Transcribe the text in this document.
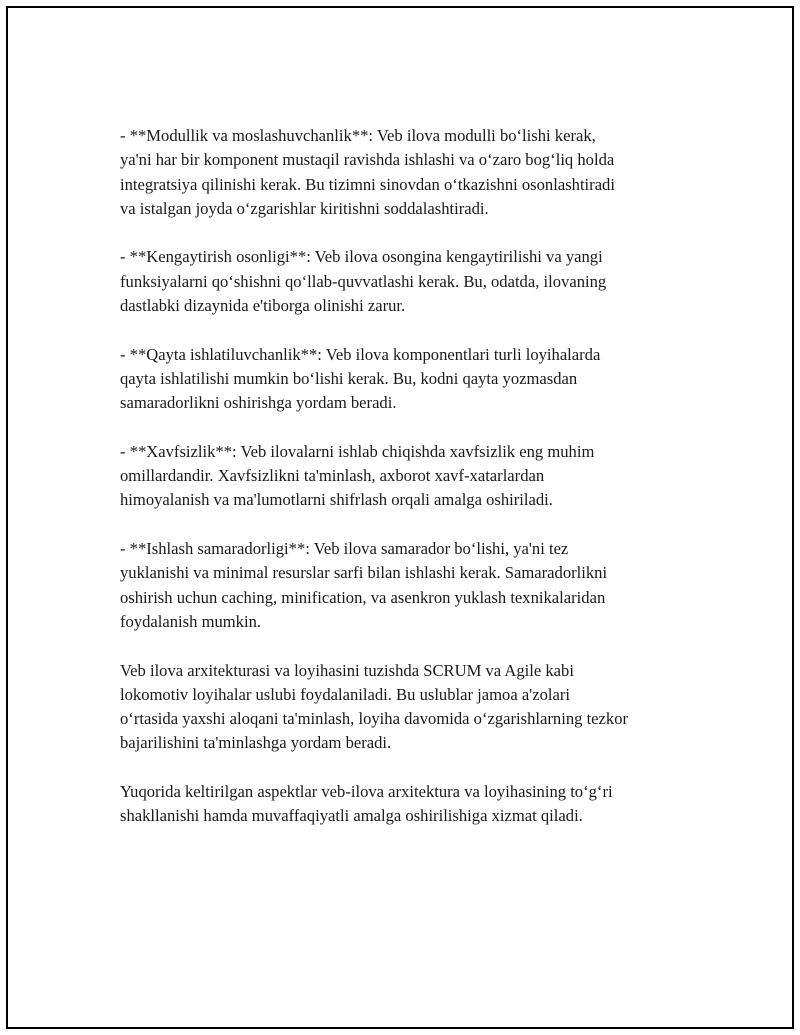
- **Modullik va moslashuvchanlik**: Veb ilova modulli boʻlishi kerak,
ya'ni har bir komponent mustaqil ravishda ishlashi va oʻzaro bogʻliq holda
integratsiya qilinishi kerak. Bu tizimni sinovdan oʻtkazishni osonlashtiradi
va istalgan joyda oʻzgarishlar kiritishni soddalashtiradi.

- **Kengaytirish osonligi**: Veb ilova osongina kengaytirilishi va yangi
funksiyalarni qoʻshishni qoʻllab-quvvatlashi kerak. Bu, odatda, ilovaning
dastlabki dizaynida e'tiborga olinishi zarur.

- **Qayta ishlatiluvchanlik**: Veb ilova komponentlari turli loyihalarda
qayta ishlatilishi mumkin boʻlishi kerak. Bu, kodni qayta yozmasdan
samaradorlikni oshirishga yordam beradi.

- **Xavfsizlik**: Veb ilovalarni ishlab chiqishda xavfsizlik eng muhim
omillardandir. Xavfsizlikni ta'minlash, axborot xavf-xatarlardan
himoyalanish va ma'lumotlarni shifrlash orqali amalga oshiriladi.

- **Ishlash samaradorligi**: Veb ilova samarador boʻlishi, ya'ni tez
yuklanishi va minimal resurslar sarfi bilan ishlashi kerak. Samaradorlikni
oshirish uchun caching, minification, va asenkron yuklash texnikalaridan
foydalanish mumkin.

Veb ilova arxitekturasi va loyihasini tuzishda SCRUM va Agile kabi
lokomotiv loyihalar uslubi foydalaniladi. Bu uslublar jamoa a'zolari
oʻrtasida yaxshi aloqani ta'minlash, loyiha davomida oʻzgarishlarning tezkor
bajarilishini ta'minlashga yordam beradi.

Yuqorida keltirilgan aspektlar veb-ilova arxitektura va loyihasining toʻgʻri
shakllanishi hamda muvaffaqiyatli amalga oshirilishiga xizmat qiladi.
